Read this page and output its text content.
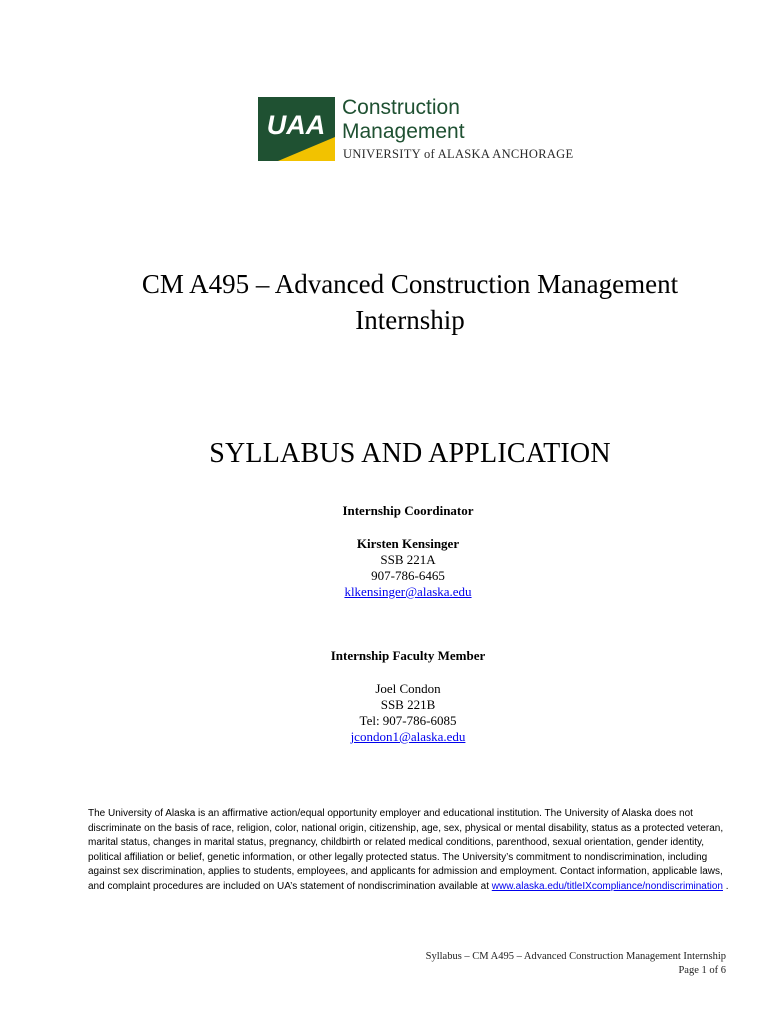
UAA
Construction
Management
UNIVERSITY of ALASKA ANCHORAGE
CM A495 – Advanced Construction Management
Internship
SYLLABUS AND APPLICATION
Internship Coordinator
Kirsten Kensinger
SSB 221A
907-786-6465
klkensinger@alaska.edu
Internship Faculty Member
Joel Condon
SSB 221B
Tel: 907-786-6085
jcondon1@alaska.edu
The University of Alaska is an affirmative action/equal opportunity employer and educational institution. The University of Alaska does not discriminate on the basis of race, religion, color, national origin, citizenship, age, sex, physical or mental disability, status as a protected veteran, marital status, changes in marital status, pregnancy, childbirth or related medical conditions, parenthood, sexual orientation, gender identity, political affiliation or belief, genetic information, or other legally protected status. The University’s commitment to nondiscrimination, including against sex discrimination, applies to students, employees, and applicants for admission and employment. Contact information, applicable laws, and complaint procedures are included on UA’s statement of nondiscrimination available at www.alaska.edu/titleIXcompliance/nondiscrimination .
Syllabus – CM A495 – Advanced Construction Management Internship
Page 1 of 6
